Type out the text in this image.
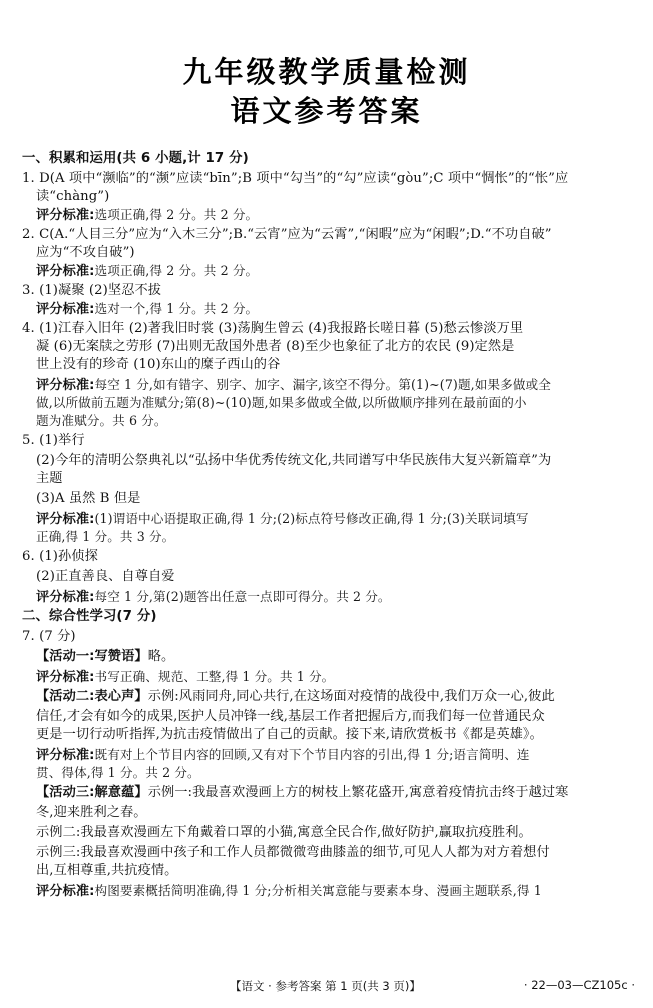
九年级教学质量检测
语文参考答案
一、积累和运用(共 6 小题,计 17 分)
1. D(A 项中“濒临”的“濒”应读“bīn”;B 项中“勾当”的“勾”应读“gòu”;C 项中“惆怅”的“怅”应
读“chàng”)
评分标准:选项正确,得 2 分。共 2 分。
2. C(A.“人目三分”应为“入木三分”;B.“云宵”应为“云霄”,“闲暇”应为“闲暇”;D.“不功自破”
应为“不攻自破”)
评分标准:选项正确,得 2 分。共 2 分。
3. (1)凝聚 (2)坚忍不拔
评分标准:选对一个,得 1 分。共 2 分。
4. (1)江春入旧年 (2)著我旧时裳 (3)荡胸生曾云 (4)我报路长嗟日暮 (5)愁云惨淡万里
凝 (6)无案牍之劳形 (7)出则无敌国外患者 (8)至少也象征了北方的农民 (9)定然是
世上没有的珍奇 (10)东山的糜子西山的谷
评分标准:每空 1 分,如有错字、别字、加字、漏字,该空不得分。第(1)~(7)题,如果多做或全
做,以所做前五题为准赋分;第(8)~(10)题,如果多做或全做,以所做顺序排列在最前面的小
题为准赋分。共 6 分。
5. (1)举行
(2)今年的清明公祭典礼以“弘扬中华优秀传统文化,共同谱写中华民族伟大复兴新篇章”为
主题
(3)A 虽然 B 但是
评分标准:(1)谓语中心语提取正确,得 1 分;(2)标点符号修改正确,得 1 分;(3)关联词填写
正确,得 1 分。共 3 分。
6. (1)孙侦探
(2)正直善良、自尊自爱
评分标准:每空 1 分,第(2)题答出任意一点即可得分。共 2 分。
二、综合性学习(7 分)
7. (7 分)
【活动一:写赞语】略。
评分标准:书写正确、规范、工整,得 1 分。共 1 分。
【活动二:表心声】示例:风雨同舟,同心共行,在这场面对疫情的战役中,我们万众一心,彼此
信任,才会有如今的成果,医护人员冲锋一线,基层工作者把握后方,而我们每一位普通民众
更是一切行动听指挥,为抗击疫情做出了自己的贡献。接下来,请欣赏板书《都是英雄》。
评分标准:既有对上个节目内容的回顾,又有对下个节目内容的引出,得 1 分;语言简明、连
贯、得体,得 1 分。共 2 分。
【活动三:解意蕴】示例一:我最喜欢漫画上方的树枝上繁花盛开,寓意着疫情抗击终于越过寒
冬,迎来胜利之春。
示例二:我最喜欢漫画左下角戴着口罩的小猫,寓意全民合作,做好防护,赢取抗疫胜利。
示例三:我最喜欢漫画中孩子和工作人员都微微弯曲膝盖的细节,可见人人都为对方着想付
出,互相尊重,共抗疫情。
评分标准:构图要素概括简明准确,得 1 分;分析相关寓意能与要素本身、漫画主题联系,得 1
【语文 · 参考答案 第 1 页(共 3 页)】	· 22—03—CZ105c ·
